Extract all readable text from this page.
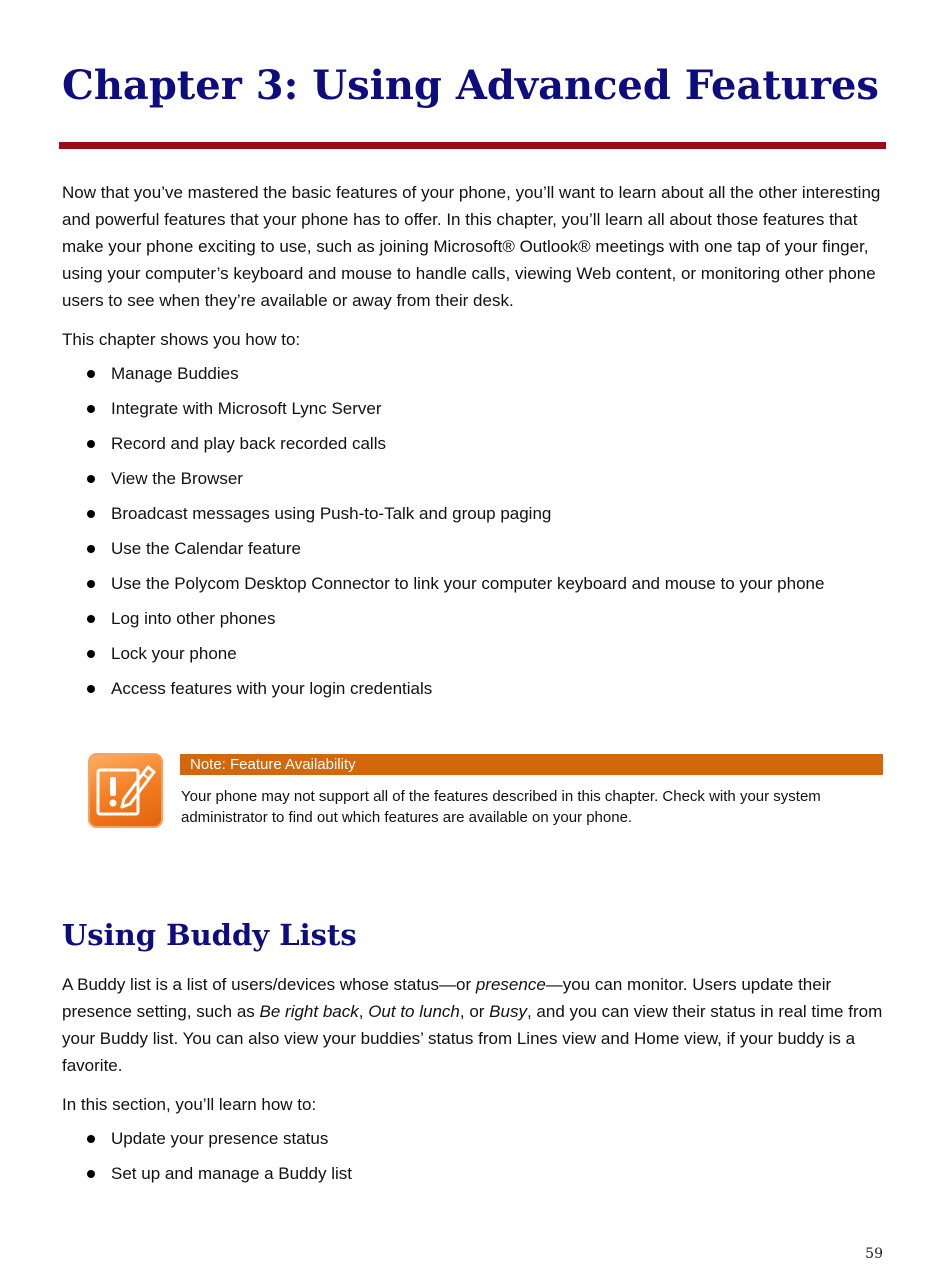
Chapter 3: Using Advanced Features

Now that you’ve mastered the basic features of your phone, you’ll want to learn about all the other interesting and powerful features that your phone has to offer. In this chapter, you’ll learn all about those features that make your phone exciting to use, such as joining Microsoft® Outlook® meetings with one tap of your finger, using your computer’s keyboard and mouse to handle calls, viewing Web content, or monitoring other phone users to see when they’re available or away from their desk.

This chapter shows you how to:

Manage Buddies
Integrate with Microsoft Lync Server
Record and play back recorded calls
View the Browser
Broadcast messages using Push-to-Talk and group paging
Use the Calendar feature
Use the Polycom Desktop Connector to link your computer keyboard and mouse to your phone
Log into other phones
Lock your phone
Access features with your login credentials
Note: Feature Availability

Your phone may not support all of the features described in this chapter. Check with your system administrator to find out which features are available on your phone.

Using Buddy Lists

A Buddy list is a list of users/devices whose status—or presence—you can monitor. Users update their presence setting, such as Be right back, Out to lunch, or Busy, and you can view their status in real time from your Buddy list. You can also view your buddies’ status from Lines view and Home view, if your buddy is a favorite.

In this section, you’ll learn how to:

Update your presence status
Set up and manage a Buddy list
59
